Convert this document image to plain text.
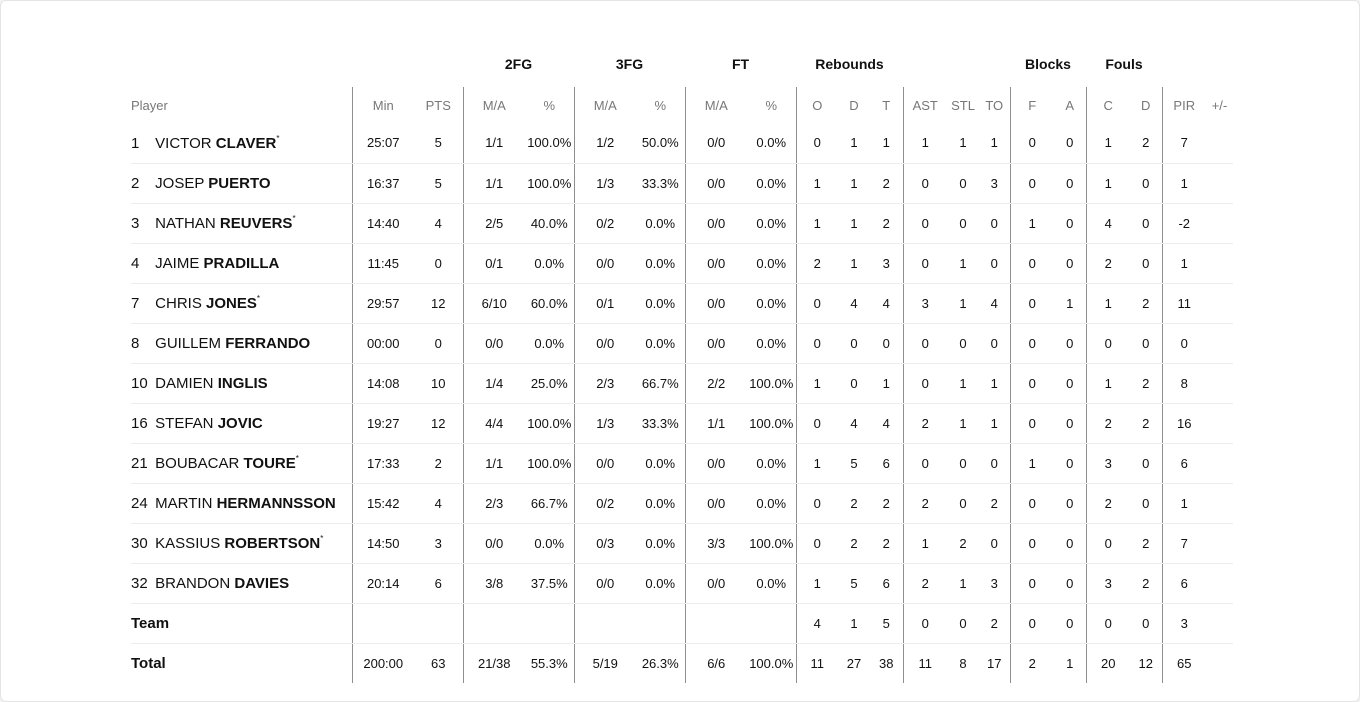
			2FG		3FG		FT		Rebounds						Blocks		Fouls			
Player	Min	PTS	M/A	%	M/A	%	M/A	%	O	D	T	AST	STL	TO	F	A	C	D	PIR	+/-
1 VICTOR CLAVER*	25:07	5	1/1	100.0%	1/2	50.0%	0/0	0.0%	0	1	1	1	1	1	0	0	1	2	7	
2 JOSEP PUERTO	16:37	5	1/1	100.0%	1/3	33.3%	0/0	0.0%	1	1	2	0	0	3	0	0	1	0	1	
3 NATHAN REUVERS*	14:40	4	2/5	40.0%	0/2	0.0%	0/0	0.0%	1	1	2	0	0	0	1	0	4	0	-2	
4 JAIME PRADILLA	11:45	0	0/1	0.0%	0/0	0.0%	0/0	0.0%	2	1	3	0	1	0	0	0	2	0	1	
7 CHRIS JONES*	29:57	12	6/10	60.0%	0/1	0.0%	0/0	0.0%	0	4	4	3	1	4	0	1	1	2	11	
8 GUILLEM FERRANDO	00:00	0	0/0	0.0%	0/0	0.0%	0/0	0.0%	0	0	0	0	0	0	0	0	0	0	0	
10 DAMIEN INGLIS	14:08	10	1/4	25.0%	2/3	66.7%	2/2	100.0%	1	0	1	0	1	1	0	0	1	2	8	
16 STEFAN JOVIC	19:27	12	4/4	100.0%	1/3	33.3%	1/1	100.0%	0	4	4	2	1	1	0	0	2	2	16	
21 BOUBACAR TOURE*	17:33	2	1/1	100.0%	0/0	0.0%	0/0	0.0%	1	5	6	0	0	0	1	0	3	0	6	
24 MARTIN HERMANNSSON	15:42	4	2/3	66.7%	0/2	0.0%	0/0	0.0%	0	2	2	2	0	2	0	0	2	0	1	
30 KASSIUS ROBERTSON*	14:50	3	0/0	0.0%	0/3	0.0%	3/3	100.0%	0	2	2	1	2	0	0	0	0	2	7	
32 BRANDON DAVIES	20:14	6	3/8	37.5%	0/0	0.0%	0/0	0.0%	1	5	6	2	1	3	0	0	3	2	6	
Team									4	1	5	0	0	2	0	0	0	0	3	
Total	200:00	63	21/38	55.3%	5/19	26.3%	6/6	100.0%	11	27	38	11	8	17	2	1	20	12	65	
